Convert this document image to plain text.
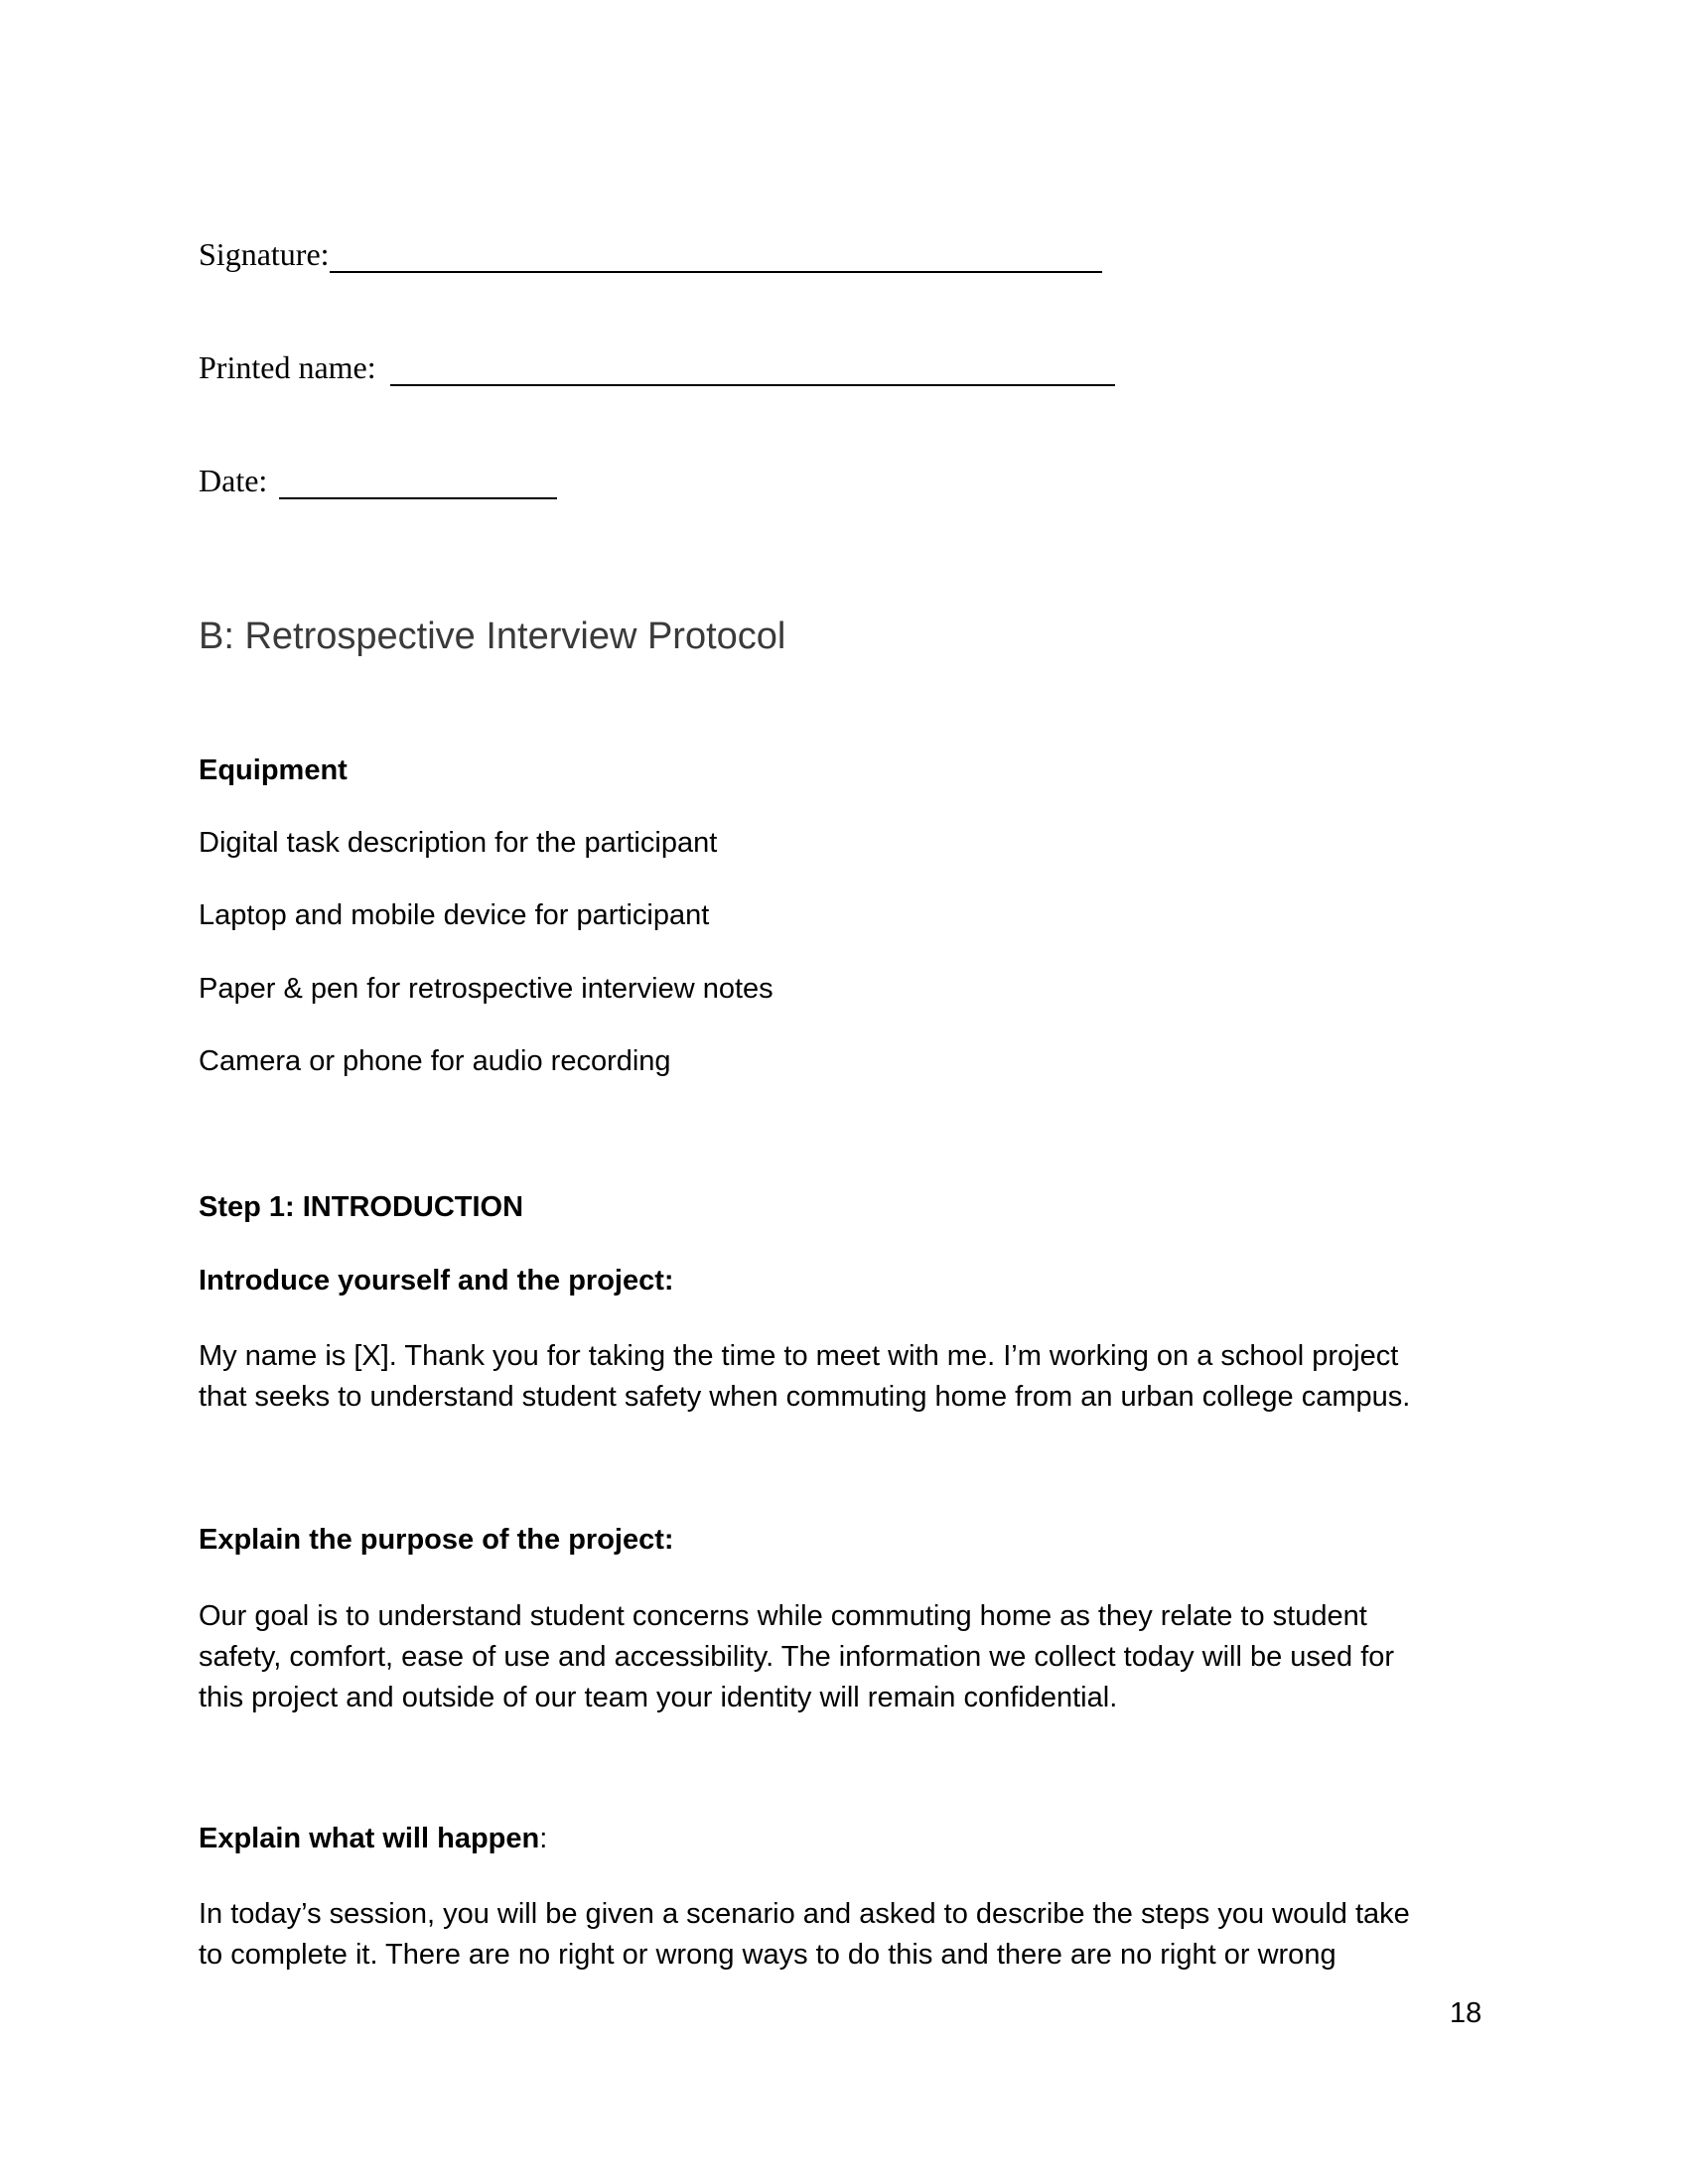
Signature:
Printed name:
Date:
B: Retrospective Interview Protocol
Equipment
Digital task description for the participant
Laptop and mobile device for participant
Paper & pen for retrospective interview notes
Camera or phone for audio recording
Step 1: INTRODUCTION
Introduce yourself and the project:
My name is [X]. Thank you for taking the time to meet with me. I’m working on a school project
that seeks to understand student safety when commuting home from an urban college campus.
Explain the purpose of the project:
Our goal is to understand student concerns while commuting home as they relate to student
safety, comfort, ease of use and accessibility. The information we collect today will be used for
this project and outside of our team your identity will remain confidential.
Explain what will happen:
In today’s session, you will be given a scenario and asked to describe the steps you would take
to complete it. There are no right or wrong ways to do this and there are no right or wrong
18
